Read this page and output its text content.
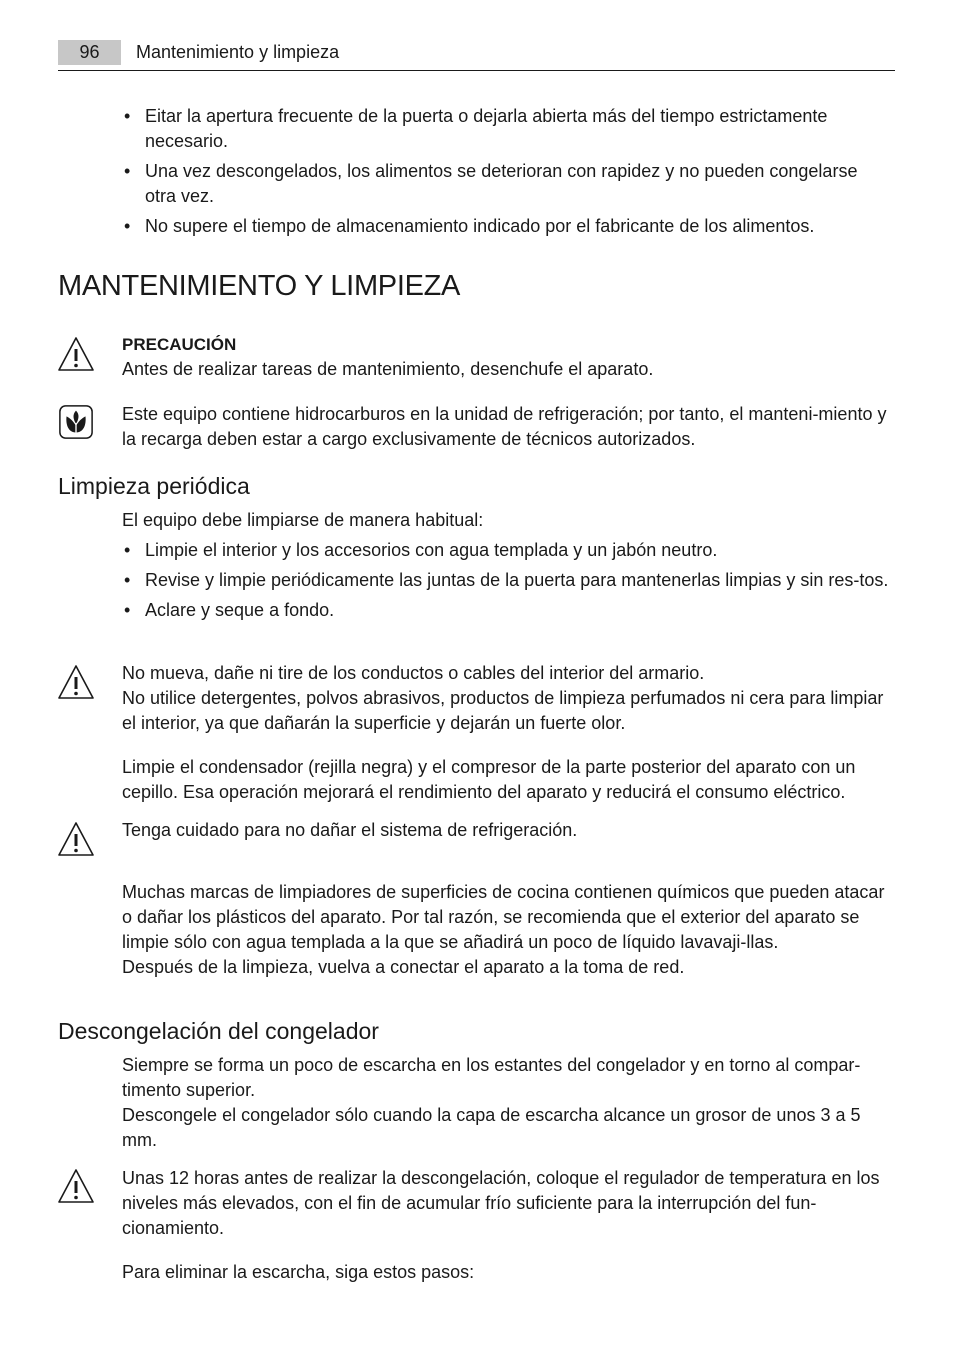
96	Mantenimiento y limpieza
• Eitar la apertura frecuente de la puerta o dejarla abierta más del tiempo estrictamente necesario.
• Una vez descongelados, los alimentos se deterioran con rapidez y no pueden congelarse otra vez.
• No supere el tiempo de almacenamiento indicado por el fabricante de los alimentos.
MANTENIMIENTO Y LIMPIEZA
PRECAUCIÓN
Antes de realizar tareas de mantenimiento, desenchufe el aparato.
Este equipo contiene hidrocarburos en la unidad de refrigeración; por tanto, el manteni-miento y la recarga deben estar a cargo exclusivamente de técnicos autorizados.
Limpieza periódica
El equipo debe limpiarse de manera habitual:
• Limpie el interior y los accesorios con agua templada y un jabón neutro.
• Revise y limpie periódicamente las juntas de la puerta para mantenerlas limpias y sin res-tos.
• Aclare y seque a fondo.
No mueva, dañe ni tire de los conductos o cables del interior del armario.
No utilice detergentes, polvos abrasivos, productos de limpieza perfumados ni cera para limpiar el interior, ya que dañarán la superficie y dejarán un fuerte olor.
Limpie el condensador (rejilla negra) y el compresor de la parte posterior del aparato con un cepillo. Esa operación mejorará el rendimiento del aparato y reducirá el consumo eléctrico.
Tenga cuidado para no dañar el sistema de refrigeración.
Muchas marcas de limpiadores de superficies de cocina contienen químicos que pueden atacar o dañar los plásticos del aparato. Por tal razón, se recomienda que el exterior del aparato se limpie sólo con agua templada a la que se añadirá un poco de líquido lavavaji-llas.
Después de la limpieza, vuelva a conectar el aparato a la toma de red.
Descongelación del congelador
Siempre se forma un poco de escarcha en los estantes del congelador y en torno al compar-timento superior.
Descongele el congelador sólo cuando la capa de escarcha alcance un grosor de unos 3 a 5 mm.
Unas 12 horas antes de realizar la descongelación, coloque el regulador de temperatura en los niveles más elevados, con el fin de acumular frío suficiente para la interrupción del fun-cionamiento.
Para eliminar la escarcha, siga estos pasos:
